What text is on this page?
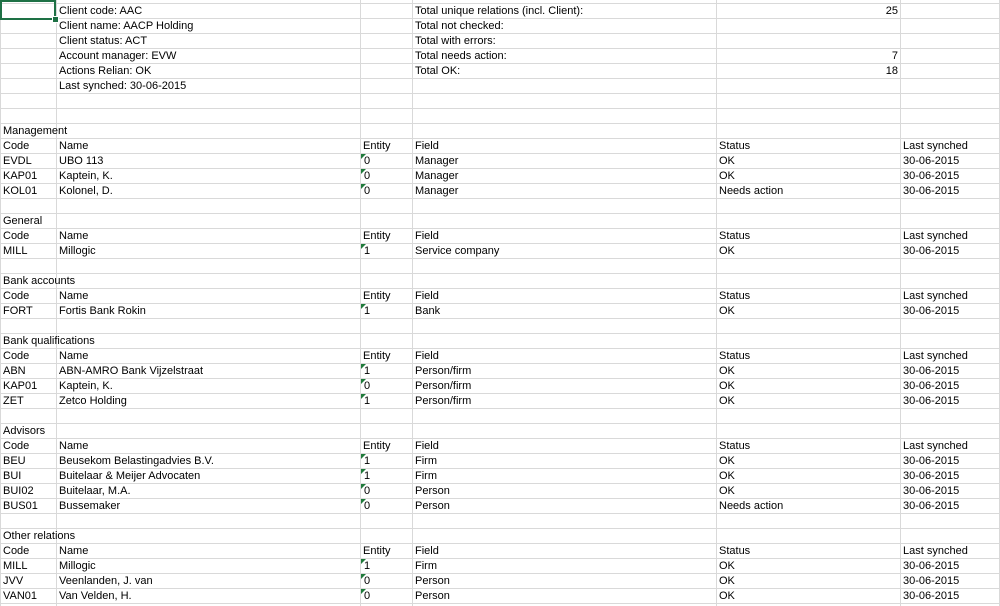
Client code: AAC
Client name: AACP Holding
Client status: ACT
Account manager: EVW
Actions Relian: OK
Last synched: 30-06-2015
Total unique relations (incl. Client):	25
Total not checked:
Total with errors:
Total needs action:	7
Total OK:	18
Management
Code	Name	Entity	Field	Status	Last synched
EVDL	UBO 113	0	Manager	OK	30-06-2015
KAP01	Kaptein, K.	0	Manager	OK	30-06-2015
KOL01	Kolonel, D.	0	Manager	Needs action	30-06-2015
General
Code	Name	Entity	Field	Status	Last synched
MILL	Millogic	1	Service company	OK	30-06-2015
Bank accounts
Code	Name	Entity	Field	Status	Last synched
FORT	Fortis Bank Rokin	1	Bank	OK	30-06-2015
Bank qualifications
Code	Name	Entity	Field	Status	Last synched
ABN	ABN-AMRO Bank Vijzelstraat	1	Person/firm	OK	30-06-2015
KAP01	Kaptein, K.	0	Person/firm	OK	30-06-2015
ZET	Zetco Holding	1	Person/firm	OK	30-06-2015
Advisors
Code	Name	Entity	Field	Status	Last synched
BEU	Beusekom Belastingadvies B.V.	1	Firm	OK	30-06-2015
BUI	Buitelaar & Meijer Advocaten	1	Firm	OK	30-06-2015
BUI02	Buitelaar, M.A.	0	Person	OK	30-06-2015
BUS01	Bussemaker	0	Person	Needs action	30-06-2015
Other relations
Code	Name	Entity	Field	Status	Last synched
MILL	Millogic	1	Firm	OK	30-06-2015
JVV	Veenlanden, J. van	0	Person	OK	30-06-2015
VAN01	Van Velden, H.	0	Person	OK	30-06-2015
